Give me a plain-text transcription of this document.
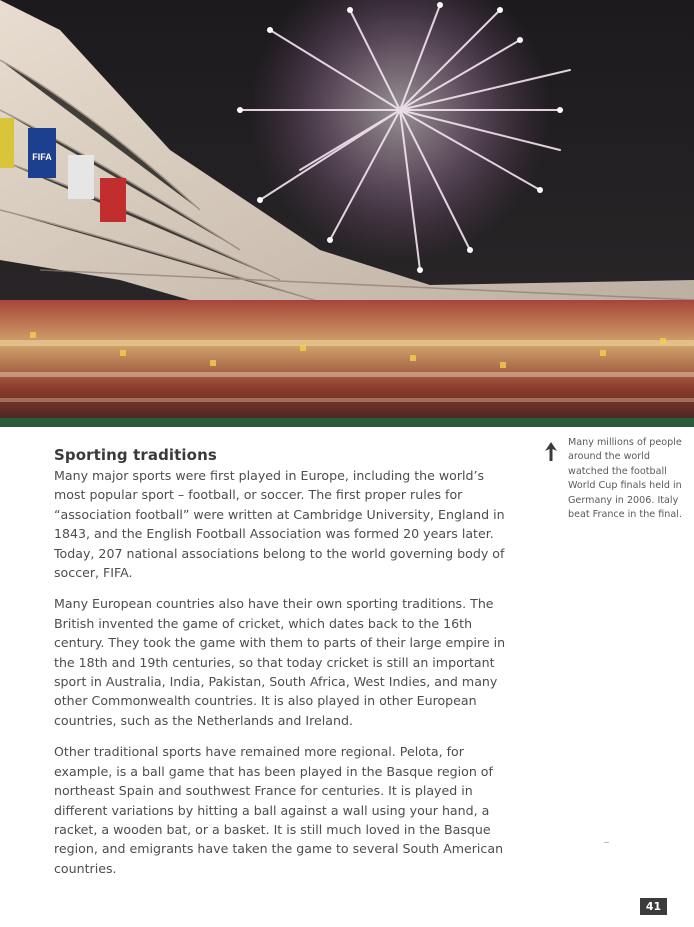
FIFA
Sporting traditions

Many major sports were first played in Europe, including the world’s most popular sport – football, or soccer. The first proper rules for “association football” were written at Cambridge University, England in 1843, and the English Football Association was formed 20 years later. Today, 207 national associations belong to the world governing body of soccer, FIFA.

Many European countries also have their own sporting traditions. The British invented the game of cricket, which dates back to the 16th century. They took the game with them to parts of their large empire in the 18th and 19th centuries, so that today cricket is still an important sport in Australia, India, Pakistan, South Africa, West Indies, and many other Commonwealth countries. It is also played in other European countries, such as the Netherlands and Ireland.

Other traditional sports have remained more regional. Pelota, for example, is a ball game that has been played in the Basque region of northeast Spain and southwest France for centuries. It is played in different variations by hitting a ball against a wall using your hand, a racket, a wooden bat, or a basket. It is still much loved in the Basque region, and emigrants have taken the game to several South American countries.

Many millions of people around the world watched the football World Cup finals held in Germany in 2006. Italy beat France in the final.
41
